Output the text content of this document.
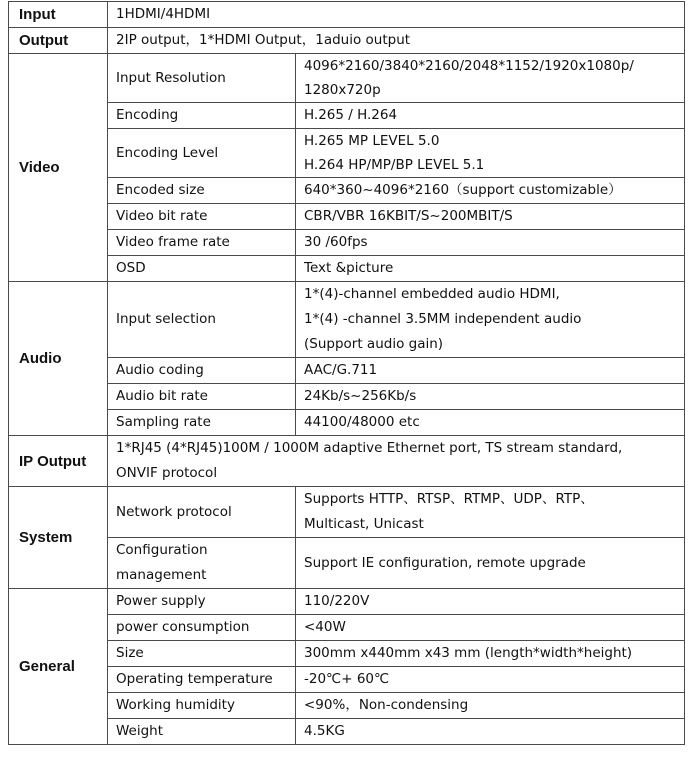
Input	1HDMI/4HDMI	
Output	2IP output，1*HDMI Output，1aduio output	
Video	Input Resolution	4096*2160/3840*2160/2048*1152/1920x1080p/
1280x720p

	Encoding	H.265 / H.264
	Encoding Level	H.265 MP LEVEL 5.0
H.264 HP/MP/BP LEVEL 5.1

	Encoded size	640*360~4096*2160（support customizable）
	Video bit rate	CBR/VBR 16KBIT/S~200MBIT/S
	Video frame rate	30 /60fps
	OSD	Text &picture
Audio	Input selection	1*(4)-channel embedded audio HDMI,
1*(4) -channel 3.5MM independent audio
(Support audio gain)

	Audio coding	AAC/G.711
	Audio bit rate	24Kb/s~256Kb/s
	Sampling rate	44100/48000 etc
IP Output	1*RJ45 (4*RJ45)100M / 1000M adaptive Ethernet port, TS stream standard,
ONVIF protocol	

System	Network protocol	Supports HTTP、RTSP、RTMP、UDP、RTP、
Multicast, Unicast

	Configuration
management	Support IE configuration, remote upgrade
General	Power supply	110/220V
	power consumption	<40W
	Size	300mm x440mm x43 mm (length*width*height)
	Operating temperature	-20℃+ 60℃
	Working humidity	<90%，Non-condensing
	Weight	4.5KG
